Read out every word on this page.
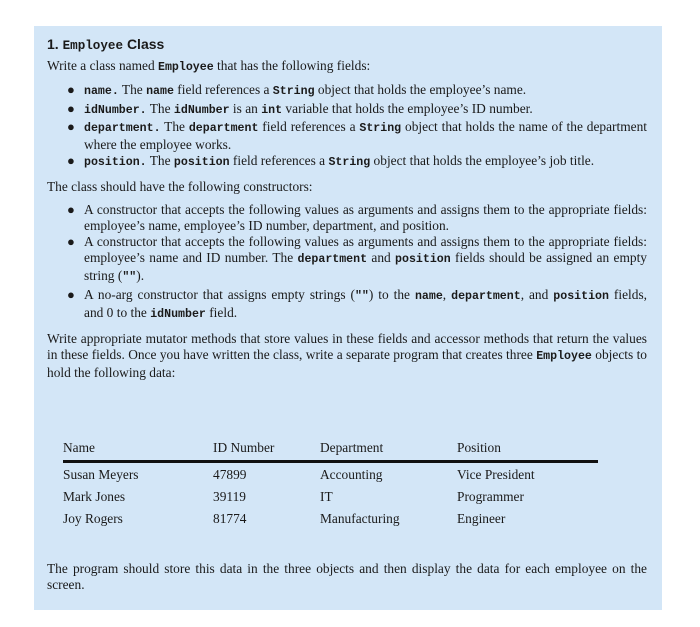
1. Employee Class

Write a class named Employee that has the following fields:

● name. The name field references a String object that holds the employee’s name.
● idNumber. The idNumber is an int variable that holds the employee’s ID number.
● department. The department field references a String object that holds the name of the department where the employee works.
● position. The position field references a String object that holds the employee’s job title.

The class should have the following constructors:

● A constructor that accepts the following values as arguments and assigns them to the appropriate fields: employee’s name, employee’s ID number, department, and position.
● A constructor that accepts the following values as arguments and assigns them to the appropriate fields: employee’s name and ID number. The department and position fields should be assigned an empty string ("").
● A no-arg constructor that assigns empty strings ("") to the name, department, and position fields, and 0 to the idNumber field.

Write appropriate mutator methods that store values in these fields and accessor methods that return the values in these fields. Once you have written the class, write a separate program that creates three Employee objects to hold the following data:

Name	ID Number	Department	Position
Susan Meyers	47899	Accounting	Vice President
Mark Jones	39119	IT	Programmer
Joy Rogers	81774	Manufacturing	Engineer

The program should store this data in the three objects and then display the data for each employee on the screen.
